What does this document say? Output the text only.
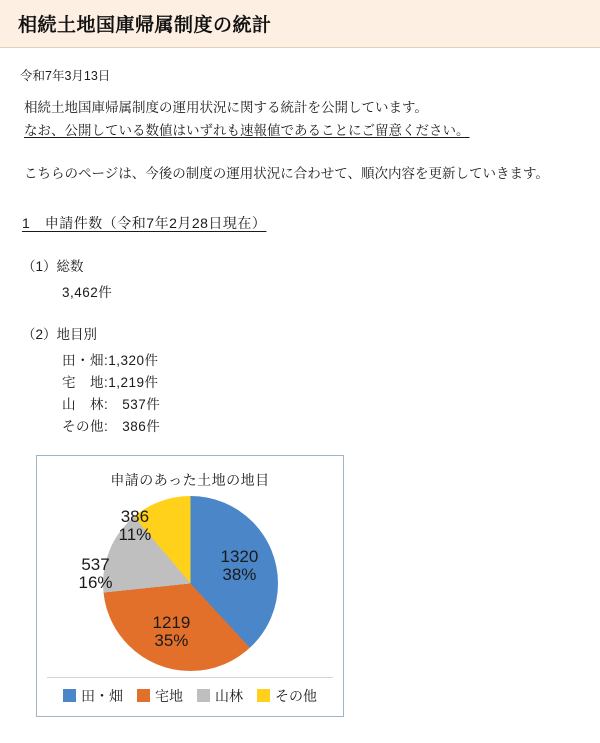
相続土地国庫帰属制度の統計
令和7年3月13日

相続土地国庫帰属制度の運用状況に関する統計を公開しています。

なお、公開している数値はいずれも速報値であることにご留意ください。

こちらのページは、今後の制度の運用状況に合わせて、順次内容を更新していきます。

1　申請件数（令和7年2月28日現在）
（1）総数
3,462件
（2）地目別
田・畑:1,320件
宅　地:1,219件
山　林:　537件
その他:　386件
申請のあった土地の地目
1320
38%
1219
35%
537
16%
386
11%
田・畑 宅地 山林 その他
